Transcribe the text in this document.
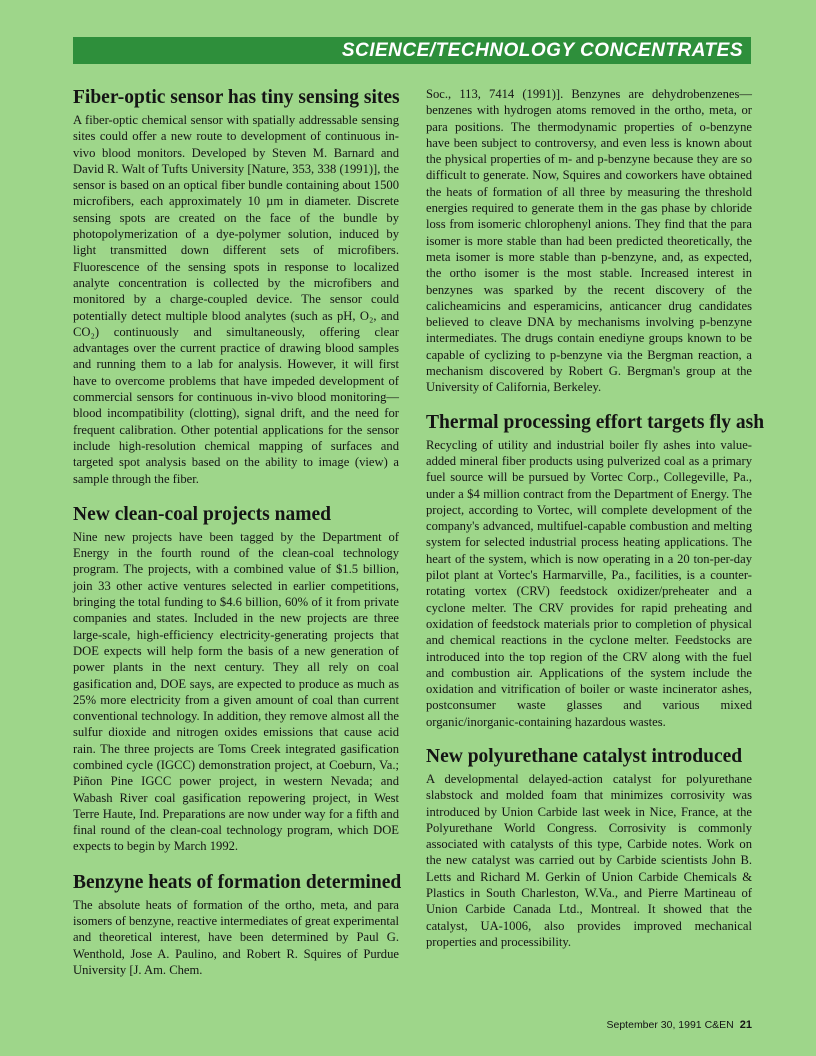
SCIENCE/TECHNOLOGY CONCENTRATES
Fiber-optic sensor has tiny sensing sites

A fiber-optic chemical sensor with spatially addressable sensing sites could offer a new route to development of continuous in-vivo blood monitors. Developed by Steven M. Barnard and David R. Walt of Tufts University [Nature, 353, 338 (1991)], the sensor is based on an optical fiber bundle containing about 1500 microfibers, each approximately 10 µm in diameter. Discrete sensing spots are created on the face of the bundle by photopolymerization of a dye-polymer solution, induced by light transmitted down different sets of microfibers. Fluorescence of the sensing spots in response to localized analyte concentration is collected by the microfibers and monitored by a charge-coupled device. The sensor could potentially detect multiple blood analytes (such as pH, O₂, and CO₂) continuously and simultaneously, offering clear advantages over the current practice of drawing blood samples and running them to a lab for analysis. However, it will first have to overcome problems that have impeded development of commercial sensors for continuous in-vivo blood monitoring—blood incompatibility (clotting), signal drift, and the need for frequent calibration. Other potential applications for the sensor include high-resolution chemical mapping of surfaces and targeted spot analysis based on the ability to image (view) a sample through the fiber.

New clean-coal projects named

Nine new projects have been tagged by the Department of Energy in the fourth round of the clean-coal technology program. The projects, with a combined value of $1.5 billion, join 33 other active ventures selected in earlier competitions, bringing the total funding to $4.6 billion, 60% of it from private companies and states. Included in the new projects are three large-scale, high-efficiency electricity-generating projects that DOE expects will help form the basis of a new generation of power plants in the next century. They all rely on coal gasification and, DOE says, are expected to produce as much as 25% more electricity from a given amount of coal than current conventional technology. In addition, they remove almost all the sulfur dioxide and nitrogen oxides emissions that cause acid rain. The three projects are Toms Creek integrated gasification combined cycle (IGCC) demonstration project, at Coeburn, Va.; Piñon Pine IGCC power project, in western Nevada; and Wabash River coal gasification repowering project, in West Terre Haute, Ind. Preparations are now under way for a fifth and final round of the clean-coal technology program, which DOE expects to begin by March 1992.

Benzyne heats of formation determined

The absolute heats of formation of the ortho, meta, and para isomers of benzyne, reactive intermediates of great experimental and theoretical interest, have been determined by Paul G. Wenthold, Jose A. Paulino, and Robert R. Squires of Purdue University [J. Am. Chem.

Soc., 113, 7414 (1991)]. Benzynes are dehydrobenzenes—benzenes with hydrogen atoms removed in the ortho, meta, or para positions. The thermodynamic properties of o-benzyne have been subject to controversy, and even less is known about the physical properties of m- and p-benzyne because they are so difficult to generate. Now, Squires and coworkers have obtained the heats of formation of all three by measuring the threshold energies required to generate them in the gas phase by chloride loss from isomeric chlorophenyl anions. They find that the para isomer is more stable than had been predicted theoretically, the meta isomer is more stable than p-benzyne, and, as expected, the ortho isomer is the most stable. Increased interest in benzynes was sparked by the recent discovery of the calicheamicins and esperamicins, anticancer drug candidates believed to cleave DNA by mechanisms involving p-benzyne intermediates. The drugs contain enediyne groups known to be capable of cyclizing to p-benzyne via the Bergman reaction, a mechanism discovered by Robert G. Bergman's group at the University of California, Berkeley.

Thermal processing effort targets fly ash

Recycling of utility and industrial boiler fly ashes into value-added mineral fiber products using pulverized coal as a primary fuel source will be pursued by Vortec Corp., Collegeville, Pa., under a $4 million contract from the Department of Energy. The project, according to Vortec, will complete development of the company's advanced, multifuel-capable combustion and melting system for selected industrial process heating applications. The heart of the system, which is now operating in a 20 ton-per-day pilot plant at Vortec's Harmarville, Pa., facilities, is a counter-rotating vortex (CRV) feedstock oxidizer/preheater and a cyclone melter. The CRV provides for rapid preheating and oxidation of feedstock materials prior to completion of physical and chemical reactions in the cyclone melter. Feedstocks are introduced into the top region of the CRV along with the fuel and combustion air. Applications of the system include the oxidation and vitrification of boiler or waste incinerator ashes, postconsumer waste glasses and various mixed organic/inorganic-containing hazardous wastes.

New polyurethane catalyst introduced

A developmental delayed-action catalyst for polyurethane slabstock and molded foam that minimizes corrosivity was introduced by Union Carbide last week in Nice, France, at the Polyurethane World Congress. Corrosivity is commonly associated with catalysts of this type, Carbide notes. Work on the new catalyst was carried out by Carbide scientists John B. Letts and Richard M. Gerkin of Union Carbide Chemicals & Plastics in South Charleston, W.Va., and Pierre Martineau of Union Carbide Canada Ltd., Montreal. It showed that the catalyst, UA-1006, also provides improved mechanical properties and processibility.

September 30, 1991 C&EN 21
